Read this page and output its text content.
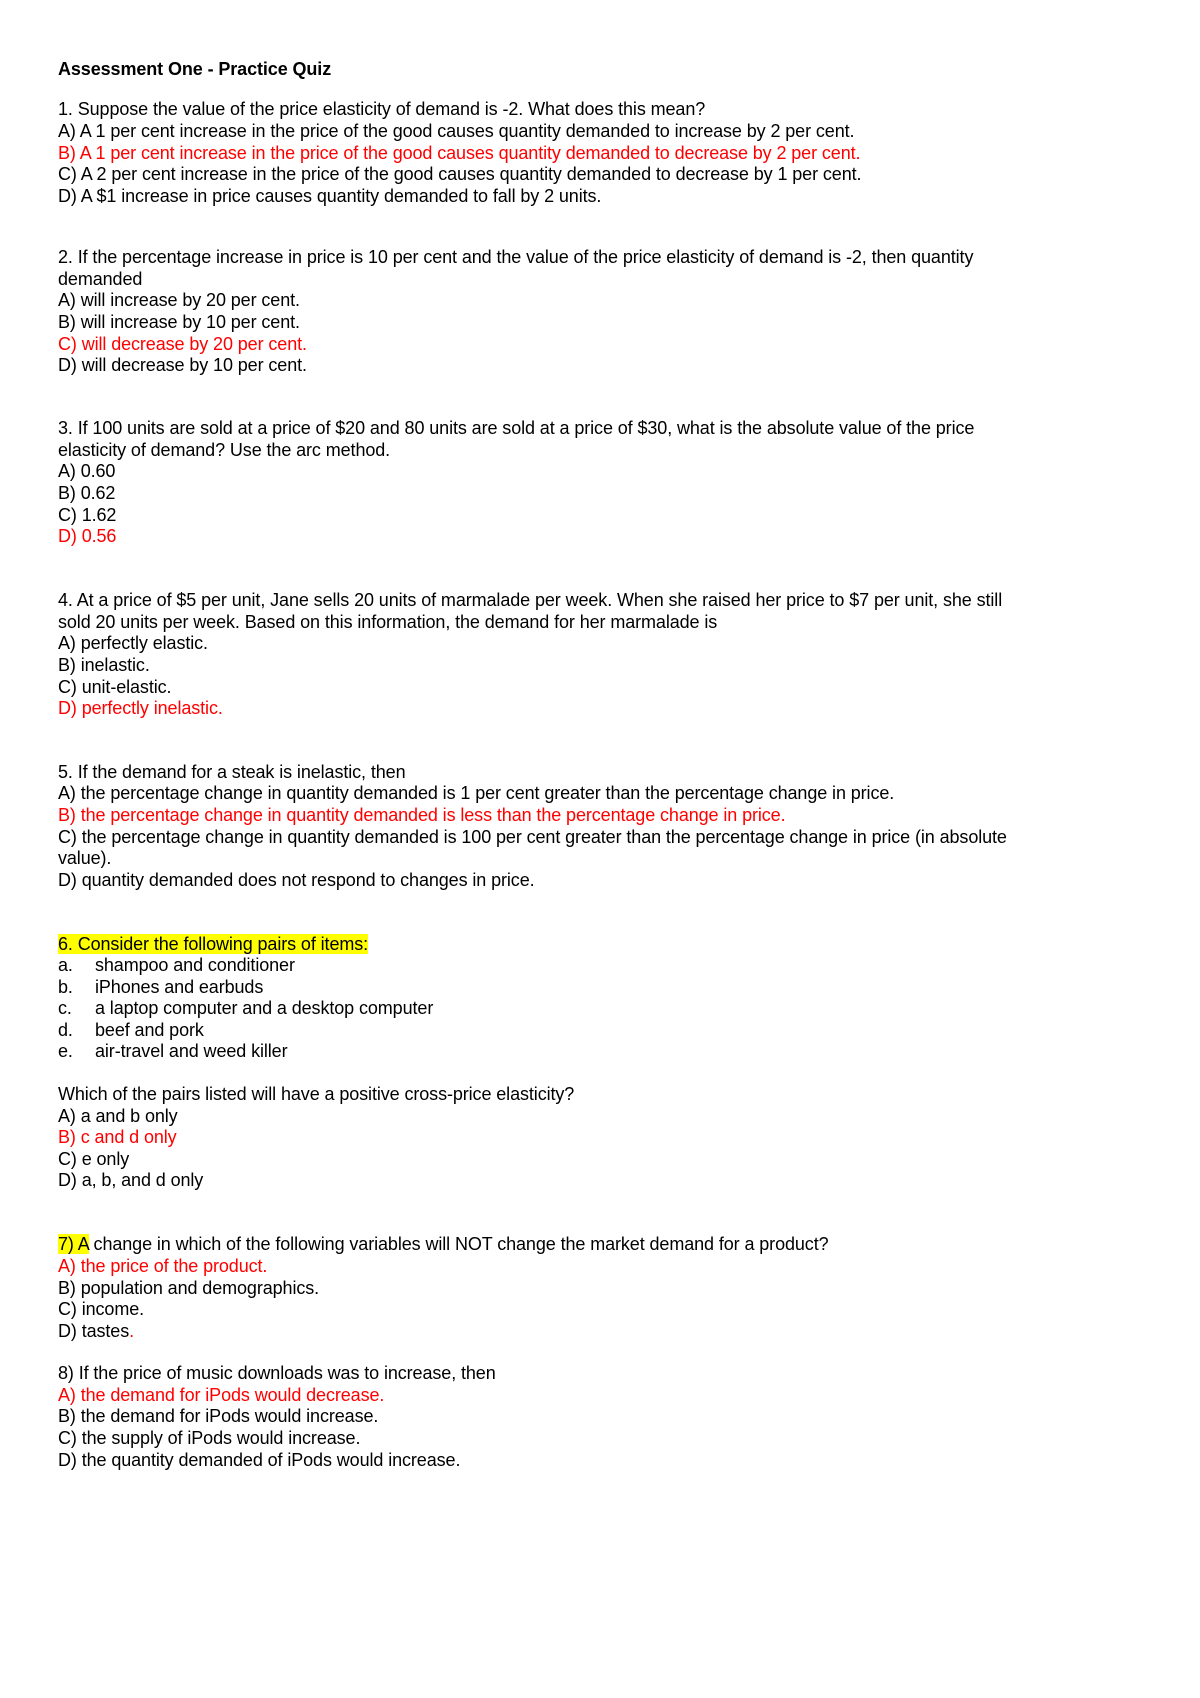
Assessment One - Practice Quiz
1. Suppose the value of the price elasticity of demand is -2. What does this mean?
A) A 1 per cent increase in the price of the good causes quantity demanded to increase by 2 per cent.
B) A 1 per cent increase in the price of the good causes quantity demanded to decrease by 2 per cent.
C) A 2 per cent increase in the price of the good causes quantity demanded to decrease by 1 per cent.
D) A $1 increase in price causes quantity demanded to fall by 2 units.
2. If the percentage increase in price is 10 per cent and the value of the price elasticity of demand is -2, then quantity
demanded
A) will increase by 20 per cent.
B) will increase by 10 per cent.
C) will decrease by 20 per cent.
D) will decrease by 10 per cent.
3. If 100 units are sold at a price of $20 and 80 units are sold at a price of $30, what is the absolute value of the price
elasticity of demand? Use the arc method.
A) 0.60
B) 0.62
C) 1.62
D) 0.56
4. At a price of $5 per unit, Jane sells 20 units of marmalade per week. When she raised her price to $7 per unit, she still
sold 20 units per week. Based on this information, the demand for her marmalade is
A) perfectly elastic.
B) inelastic.
C) unit-elastic.
D) perfectly inelastic.
5. If the demand for a steak is inelastic, then
A) the percentage change in quantity demanded is 1 per cent greater than the percentage change in price.
B) the percentage change in quantity demanded is less than the percentage change in price.
C) the percentage change in quantity demanded is 100 per cent greater than the percentage change in price (in absolute
value).
D) quantity demanded does not respond to changes in price.
6. Consider the following pairs of items:
a. shampoo and conditioner
b. iPhones and earbuds
c. a laptop computer and a desktop computer
d. beef and pork
e. air-travel and weed killer
Which of the pairs listed will have a positive cross-price elasticity?
A) a and b only
B) c and d only
C) e only
D) a, b, and d only
7) A change in which of the following variables will NOT change the market demand for a product?
A) the price of the product.
B) population and demographics.
C) income.
D) tastes.
8) If the price of music downloads was to increase, then
A) the demand for iPods would decrease.
B) the demand for iPods would increase.
C) the supply of iPods would increase.
D) the quantity demanded of iPods would increase.
